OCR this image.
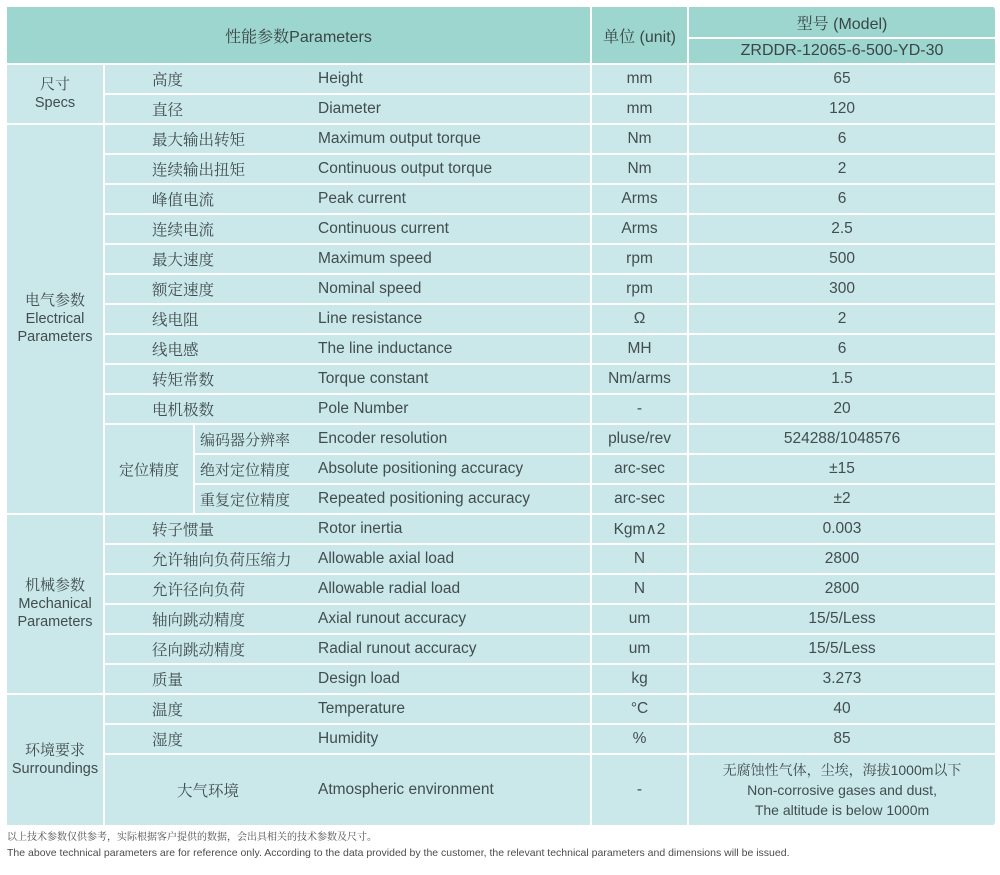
性能参数Parameters				单位 (unit)	型号 (Model)
					ZRDDR-12065-6-500-YD-30

尺寸
Specs	高度		Height	mm	65
	直径		Diameter	mm	120

电气参数
Electrical Parameters	最大输出转矩		Maximum output torque	Nm	6
	连续输出扭矩		Continuous output torque	Nm	2
	峰值电流		Peak current	Arms	6
	连续电流		Continuous current	Arms	2.5
	最大速度		Maximum speed	rpm	500
	额定速度		Nominal speed	rpm	300
	线电阻		Line resistance	Ω	2
	线电感		The line inductance	MH	6
	转矩常数		Torque constant	Nm/arms	1.5
	电机极数		Pole Number	-	20
	定位精度	编码器分辨率	Encoder resolution	pluse/rev	524288/1048576
		绝对定位精度	Absolute positioning accuracy	arc-sec	±15
		重复定位精度	Repeated positioning accuracy	arc-sec	±2

机械参数
Mechanical Parameters	转子惯量		Rotor inertia	Kgm∧2	0.003
	允许轴向负荷压缩力		Allowable axial load	N	2800
	允许径向负荷		Allowable radial load	N	2800
	轴向跳动精度		Axial runout accuracy	um	15/5/Less
	径向跳动精度		Radial runout accuracy	um	15/5/Less
	质量		Design load	kg	3.273

环境要求
Surroundings	温度		Temperature	°C	40
	湿度		Humidity	%	85
	大气环境		Atmospheric environment	-	无腐蚀性气体，尘埃，海拔1000m以下
Non-corrosive gases and dust,
The altitude is below 1000m
以上技术参数仅供参考，实际根据客户提供的数据，会出具相关的技术参数及尺寸。
The above technical parameters are for reference only. According to the data provided by the customer, the relevant technical parameters and dimensions will be issued.
